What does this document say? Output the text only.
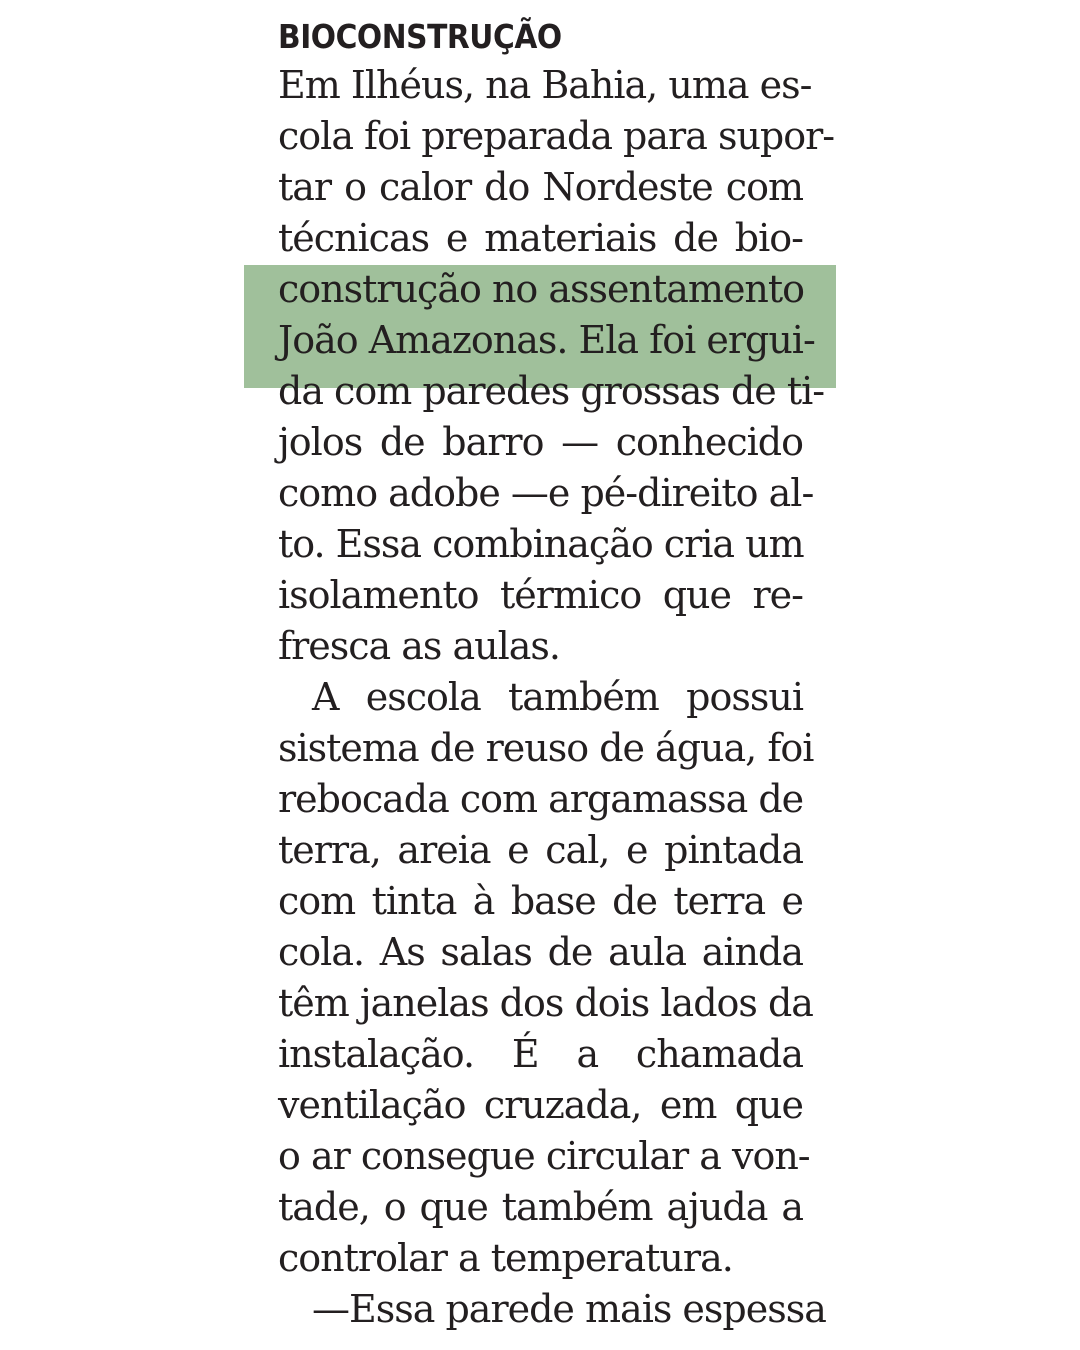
BIOCONSTRUÇÃO
Em Ilhéus, na Bahia, uma es-
cola foi preparada para supor-
tar o calor do Nordeste com
técnicas e materiais de bio-
construção no assentamento
João Amazonas. Ela foi ergui-
da com paredes grossas de ti-
jolos de barro — conhecido
como adobe —e pé-direito al-
to. Essa combinação cria um
isolamento térmico que re-
fresca as aulas.
A escola também possui
sistema de reuso de água, foi
rebocada com argamassa de
terra, areia e cal, e pintada
com tinta à base de terra e
cola. As salas de aula ainda
têm janelas dos dois lados da
instalação. É a chamada
ventilação cruzada, em que
o ar consegue circular a von-
tade, o que também ajuda a
controlar a temperatura.
—Essa parede mais espessa
